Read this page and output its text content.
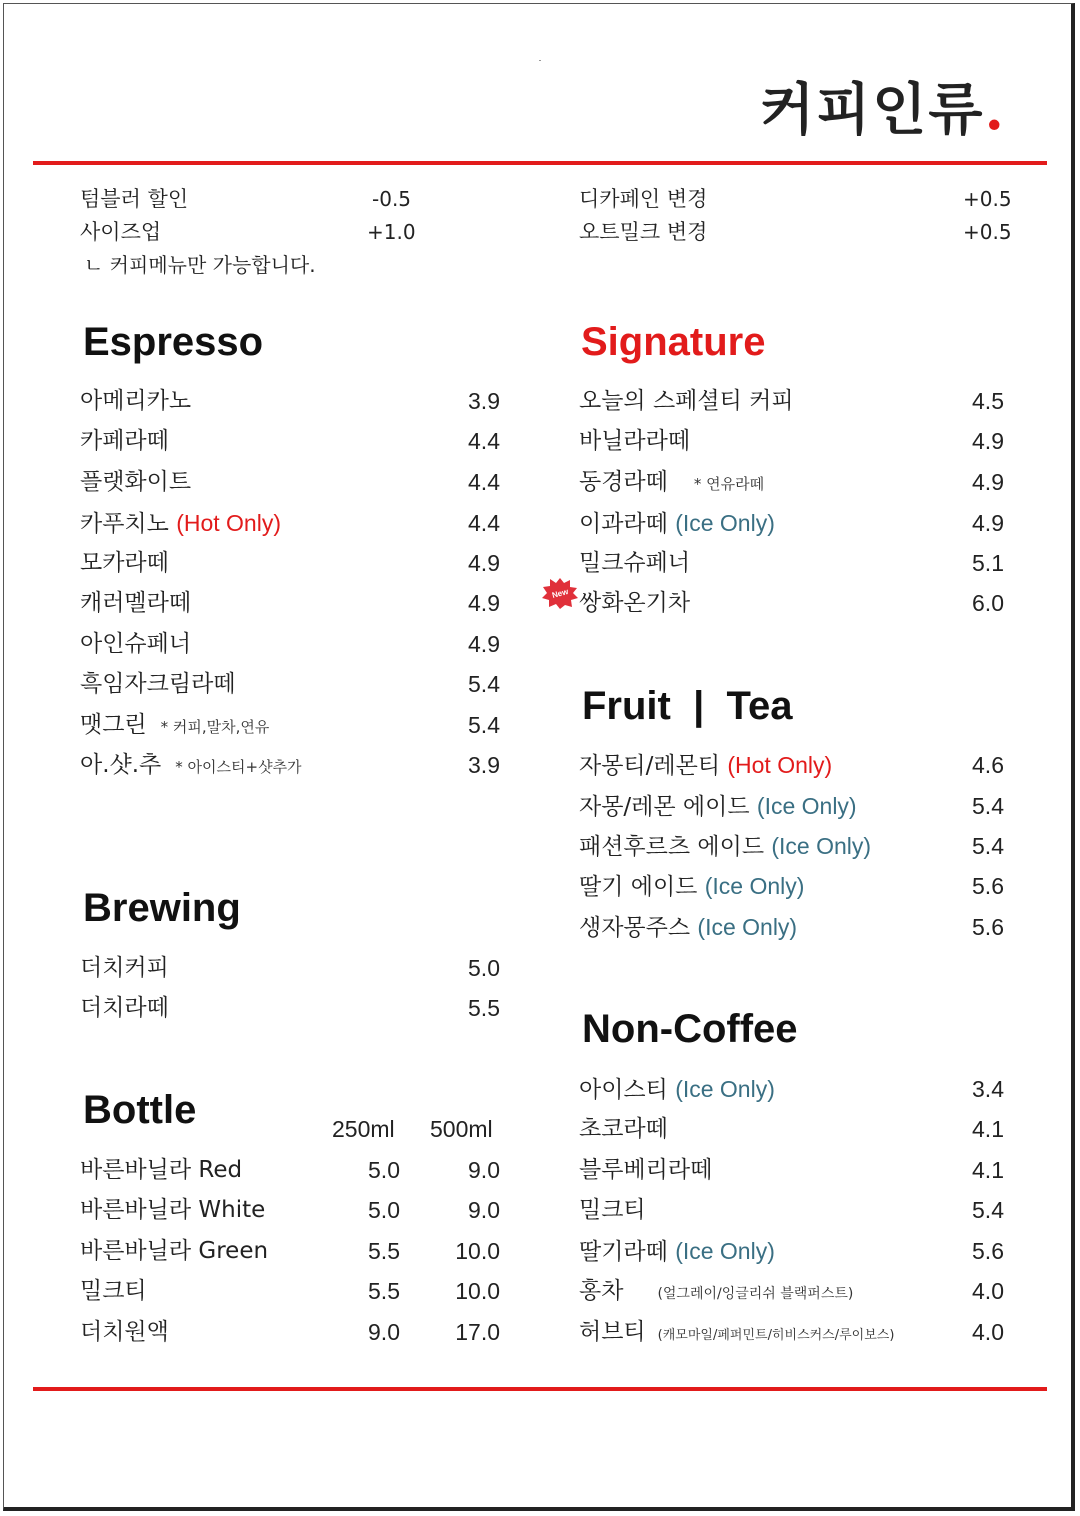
커피인류.
텀블러 할인	-0.5
사이즈업	+1.0
ㄴ 커피메뉴만 가능합니다.
디카페인 변경	+0.5
오트밀크 변경	+0.5
Espresso
아메리카노	3.9
카페라떼	4.4
플랫화이트	4.4
카푸치노 (Hot Only)	4.4
모카라떼	4.9
캐러멜라떼	4.9
아인슈페너	4.9
흑임자크림라떼	5.4
맷그린 * 커피,말차,연유	5.4
아.샷.추 * 아이스티+샷추가	3.9
Brewing
더치커피	5.0
더치라떼	5.5
Bottle	250ml 500ml
바른바닐라 Red	5.0	9.0
바른바닐라 White	5.0	9.0
바른바닐라 Green	5.5	10.0
밀크티	5.5	10.0
더치원액	9.0	17.0
Signature
오늘의 스페셜티 커피	4.5
바닐라라떼	4.9
동경라떼 * 연유라떼	4.9
이과라떼 (Ice Only)	4.9
밀크슈페너	5.1
쌍화온기차	6.0
New
Fruit  |  Tea
자몽티/레몬티 (Hot Only)	4.6
자몽/레몬 에이드 (Ice Only)	5.4
패션후르츠 에이드 (Ice Only)	5.4
딸기 에이드 (Ice Only)	5.6
생자몽주스 (Ice Only)	5.6
Non-Coffee
아이스티 (Ice Only)	3.4
초코라떼	4.1
블루베리라떼	4.1
밀크티	5.4
딸기라떼 (Ice Only)	5.6
홍차 (얼그레이/잉글리쉬 블랙퍼스트)	4.0
허브티 (캐모마일/페퍼민트/히비스커스/루이보스)	4.0
